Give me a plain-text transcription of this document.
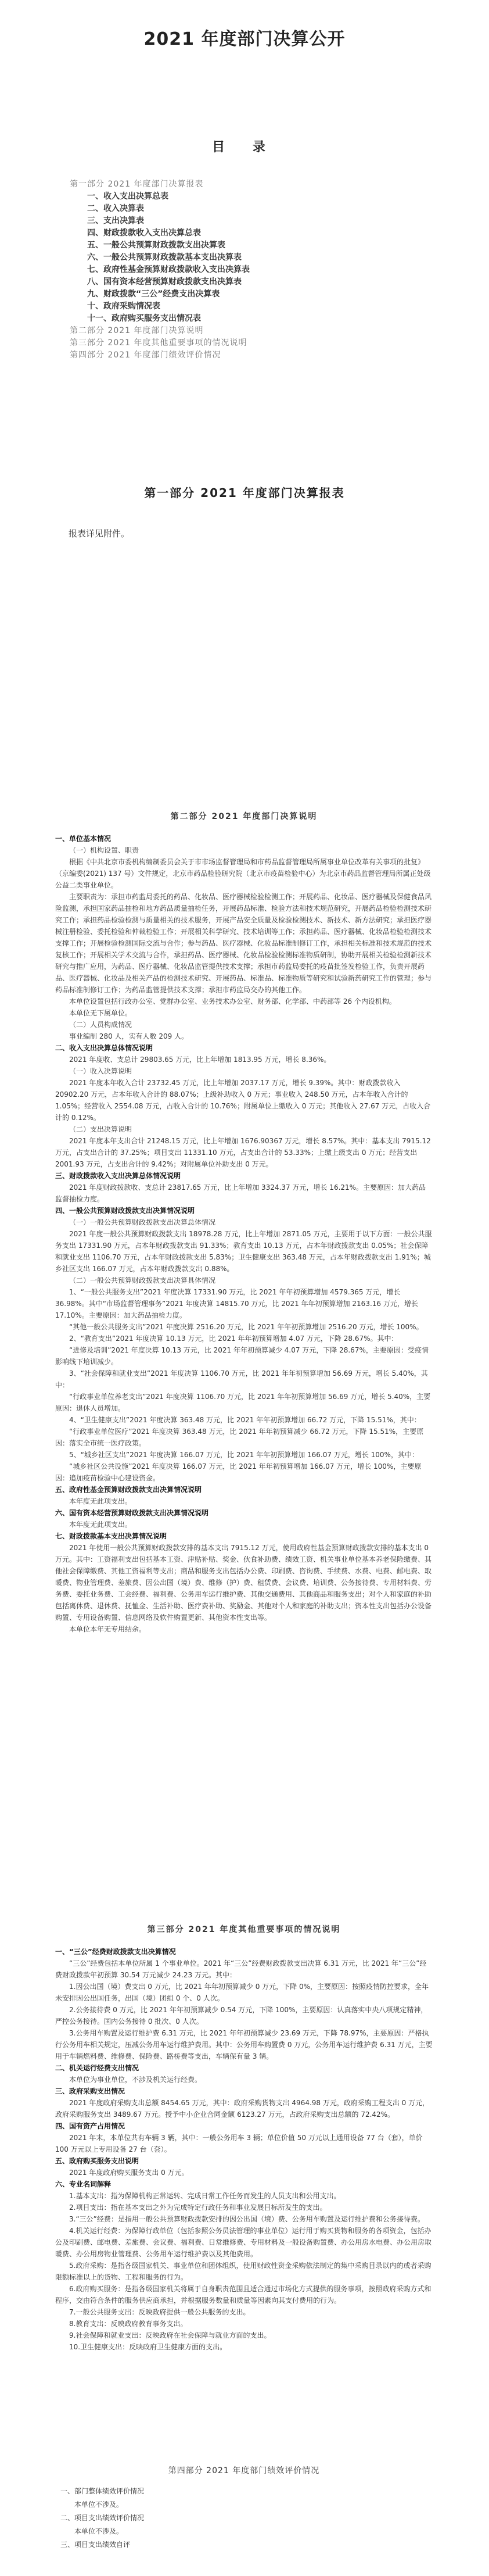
2021 年度部门决算公开
目 录
第一部分 2021 年度部门决算报表
一、收入支出决算总表
二、收入决算表
三、支出决算表
四、财政拨款收入支出决算总表
五、一般公共预算财政拨款支出决算表
六、一般公共预算财政拨款基本支出决算表
七、政府性基金预算财政拨款收入支出决算表
八、国有资本经营预算财政拨款支出决算表
九、财政拨款“三公”经费支出决算表
十、政府采购情况表
十一、政府购买服务支出情况表
第二部分 2021 年度部门决算说明
第三部分 2021 年度其他重要事项的情况说明
第四部分 2021 年度部门绩效评价情况
第一部分 2021 年度部门决算报表
报表详见附件。
第二部分 2021 年度部门决算说明
一、单位基本情况
（一）机构设置、职责
根据《中共北京市委机构编制委员会关于市市场监督管理局和市药品监督管理局所属事业单位改革有关事项的批复》（京编委(2021) 137 号）文件规定，北京市药品检验研究院（北京市疫苗检验中心）为北京市药品监督管理局所属正处级公益二类事业单位。
主要职责为：承担市药监局委托的药品、化妆品、医疗器械检验检测工作；开展药品、化妆品、医疗器械及保健食品风险监测，承担国家药品抽检和地方药品质量抽检任务，开展药品标准、检验方法和技术规范研究，开展药品检验检测技术研究工作；承担药品检验检测与质量相关的技术服务，开展产品安全质量及检验检测技术、新技术、新方法研究；承担医疗器械注册检验、委托检验和仲裁检验工作；开展相关科学研究、技术培训等工作；承担药品、医疗器械、化妆品检验检测技术支撑工作；开展检验检测国际交流与合作；参与药品、医疗器械、化妆品标准制修订工作，承担相关标准和技术规范的技术复核工作；开展相关学术交流与合作，承担药品、医疗器械、化妆品检验检测标准物质研制，协助开展相关检验检测新技术研究与推广应用，为药品、医疗器械、化妆品监管提供技术支撑；承担市药监局委托的疫苗批签发检验工作，负责开展药品、医疗器械、化妆品及相关产品的检测技术研究、开展药品、标准品、标准物质等研究和试验新药研究工作的管理；参与药品标准制修订工作；为药品监管提供技术支撑；承担市药监局交办的其他工作。
本单位设置包括行政办公室、党群办公室、业务技术办公室、财务部、化学部、中药部等 26 个内设机构。
本单位无下属单位。
（二）人员构成情况
事业编制 280 人，实有人数 209 人。
二、收入支出决算总体情况说明
2021 年度收、支总计 29803.65 万元，比上年增加 1813.95 万元，增长 8.36%。
（一）收入决算说明
2021 年度本年收入合计 23732.45 万元，比上年增加 2037.17 万元，增长 9.39%。其中：财政拨款收入 20902.20 万元，占本年收入合计的 88.07%；上级补助收入 0 万元；事业收入 248.50 万元，占本年收入合计的 1.05%；经营收入 2554.08 万元，占收入合计的 10.76%；附属单位上缴收入 0 万元；其他收入 27.67 万元，占收入合计的 0.12%。
（二）支出决算说明
2021 年度本年支出合计 21248.15 万元，比上年增加 1676.90367 万元，增长 8.57%。其中：基本支出 7915.12 万元，占支出合计的 37.25%；项目支出 11331.10 万元，占支出合计的 53.33%；上缴上级支出 0 万元；经营支出 2001.93 万元，占支出合计的 9.42%；对附属单位补助支出 0 万元。
三、财政拨款收入支出决算总体情况说明
2021 年度财政拨款收、支总计 23817.65 万元，比上年增加 3324.37 万元，增长 16.21%。主要原因：加大药品监督抽检力度。
四、一般公共预算财政拨款支出决算情况说明
（一）一般公共预算财政拨款支出决算总体情况
2021 年度一般公共预算财政拨款支出 18978.28 万元，比上年增加 2871.05 万元，主要用于以下方面：一般公共服务支出 17331.90 万元，占本年财政拨款支出 91.33%；教育支出 10.13 万元，占本年财政拨款支出 0.05%；社会保障和就业支出 1106.70 万元，占本年财政拨款支出 5.83%；卫生健康支出 363.48 万元，占本年财政拨款支出 1.91%；城乡社区支出 166.07 万元，占本年财政拨款支出 0.88%。
（二）一般公共预算财政拨款支出决算具体情况
1、“一般公共服务支出”2021 年度决算 17331.90 万元，比 2021 年年初预算增加 4579.365 万元，增长 36.98%。其中“市场监督管理事务”2021 年度决算 14815.70 万元，比 2021 年年初预算增加 2163.16 万元，增长 17.10%。主要原因：加大药品抽检力度。
“其他一般公共服务支出”2021 年度决算 2516.20 万元，比 2021 年年初预算增加 2516.20 万元，增长 100%。
2、“教育支出”2021 年度决算 10.13 万元，比 2021 年年初预算增加 4.07 万元，下降 28.67%。其中：
“进修及培训”2021 年度决算 10.13 万元，比 2021 年年初预算减少 4.07 万元，下降 28.67%，主要原因：受疫情影响线下培训减少。
3、“社会保障和就业支出”2021 年度决算 1106.70 万元，比 2021 年年初预算增加 56.69 万元，增长 5.40%，其中：
“行政事业单位养老支出”2021 年度决算 1106.70 万元，比 2021 年年初预算增加 56.69 万元，增长 5.40%，主要原因：退休人员增加。
4、“卫生健康支出”2021 年度决算 363.48 万元，比 2021 年年初预算增加 66.72 万元，下降 15.51%，其中：
“行政事业单位医疗”2021 年度决算 363.48 万元，比 2021 年年初预算减少 66.72 万元，下降 15.51%，主要原因：落实全市统一医疗政策。
5、“城乡社区支出”2021 年度决算 166.07 万元，比 2021 年年初预算增加 166.07 万元，增长 100%，其中：
“城乡社区公共设施”2021 年度决算 166.07 万元，比 2021 年年初预算增加 166.07 万元，增长 100%，主要原因：追加疫苗检验中心建设资金。
五、政府性基金预算财政拨款支出决算情况说明
本年度无此项支出。
六、国有资本经营预算财政拨款支出决算情况说明
本年度无此项支出。
七、财政拨款基本支出决算情况说明
2021 年使用一般公共预算财政拨款安排的基本支出 7915.12 万元，使用政府性基金预算财政拨款安排的基本支出 0 万元。其中：工资福利支出包括基本工资、津贴补贴、奖金、伙食补助费、绩效工资、机关事业单位基本养老保险缴费、其他社会保障缴费、其他工资福利等支出；商品和服务支出包括办公费、印刷费、咨询费、手续费、水费、电费、邮电费、取暖费、物业管理费、差旅费、因公出国（境）费、维修（护）费、租赁费、会议费、培训费、公务接待费、专用材料费、劳务费、委托业务费、工会经费、福利费、公务用车运行维护费、其他交通费用、其他商品和服务支出；对个人和家庭的补助包括离休费、退休费、抚恤金、生活补助、医疗费补助、奖励金、其他对个人和家庭的补助支出；资本性支出包括办公设备购置、专用设备购置、信息网络及软件购置更新、其他资本性支出等。
本单位本年无专用结余。
第三部分 2021 年度其他重要事项的情况说明
一、“三公”经费财政拨款支出决算情况
“三公”经费包括本单位所属 1 个事业单位。2021 年“三公”经费财政拨款支出决算 6.31 万元，比 2021 年“三公”经费财政拨款年初预算 30.54 万元减少 24.23 万元。其中：
1.因公出国（境）费支出 0 万元，比 2021 年年初预算减少 0 万元，下降 0%，主要原因：按照疫情防控要求，全年未安排因公出国任务，出国（境）团组 0 个、0 人次。
2.公务接待费 0 万元，比 2021 年年初预算减少 0.54 万元，下降 100%，主要原因：认真落实中央八项规定精神，严控公务接待。国内公务接待 0 批次、0 人次。
3.公务用车购置及运行维护费 6.31 万元，比 2021 年年初预算减少 23.69 万元，下降 78.97%，主要原因：严格执行公务用车相关规定，压减公务用车运行维护费用。其中：公务用车购置费 0 万元，公务用车运行维护费 6.31 万元，主要用于车辆燃料费、维修费、保险费、路桥费等支出，车辆保有量 3 辆。
二、机关运行经费支出情况
本单位为事业单位，不涉及机关运行经费。
三、政府采购支出情况
2021 年度政府采购支出总额 8454.65 万元，其中：政府采购货物支出 4964.98 万元，政府采购工程支出 0 万元，政府采购服务支出 3489.67 万元。授予中小企业合同金额 6123.27 万元，占政府采购支出总额的 72.42%。
四、国有资产占用情况
2021 年末，本单位共有车辆 3 辆，其中：一般公务用车 3 辆；单位价值 50 万元以上通用设备 77 台（套），单价 100 万元以上专用设备 27 台（套）。
五、政府购买服务支出说明
2021 年度政府购买服务支出 0 万元。
六、专业名词解释
1.基本支出：指为保障机构正常运转、完成日常工作任务而发生的人员支出和公用支出。
2.项目支出：指在基本支出之外为完成特定行政任务和事业发展目标所发生的支出。
3.“三公”经费：是指用一般公共预算财政拨款安排的因公出国（境）费、公务用车购置及运行维护费和公务接待费。
4.机关运行经费：为保障行政单位（包括参照公务员法管理的事业单位）运行用于购买货物和服务的各项资金，包括办公及印刷费、邮电费、差旅费、会议费、福利费、日常维修费、专用材料及一般设备购置费、办公用房水电费、办公用房取暖费、办公用房物业管理费、公务用车运行维护费以及其他费用。
5.政府采购：是指各级国家机关、事业单位和团体组织，使用财政性资金采购依法制定的集中采购目录以内的或者采购限额标准以上的货物、工程和服务的行为。
6.政府购买服务：是指各级国家机关将属于自身职责范围且适合通过市场化方式提供的服务事项，按照政府采购方式和程序，交由符合条件的服务供应商承担，并根据服务数量和质量等因素向其支付费用的行为。
7.一般公共服务支出：反映政府提供一般公共服务的支出。
8.教育支出：反映政府教育事务支出。
9.社会保障和就业支出：反映政府在社会保障与就业方面的支出。
10.卫生健康支出：反映政府卫生健康方面的支出。
第四部分 2021 年度部门绩效评价情况
一、部门整体绩效评价情况
本单位不涉及。
二、项目支出绩效评价情况
本单位不涉及。
三、项目支出绩效自评
